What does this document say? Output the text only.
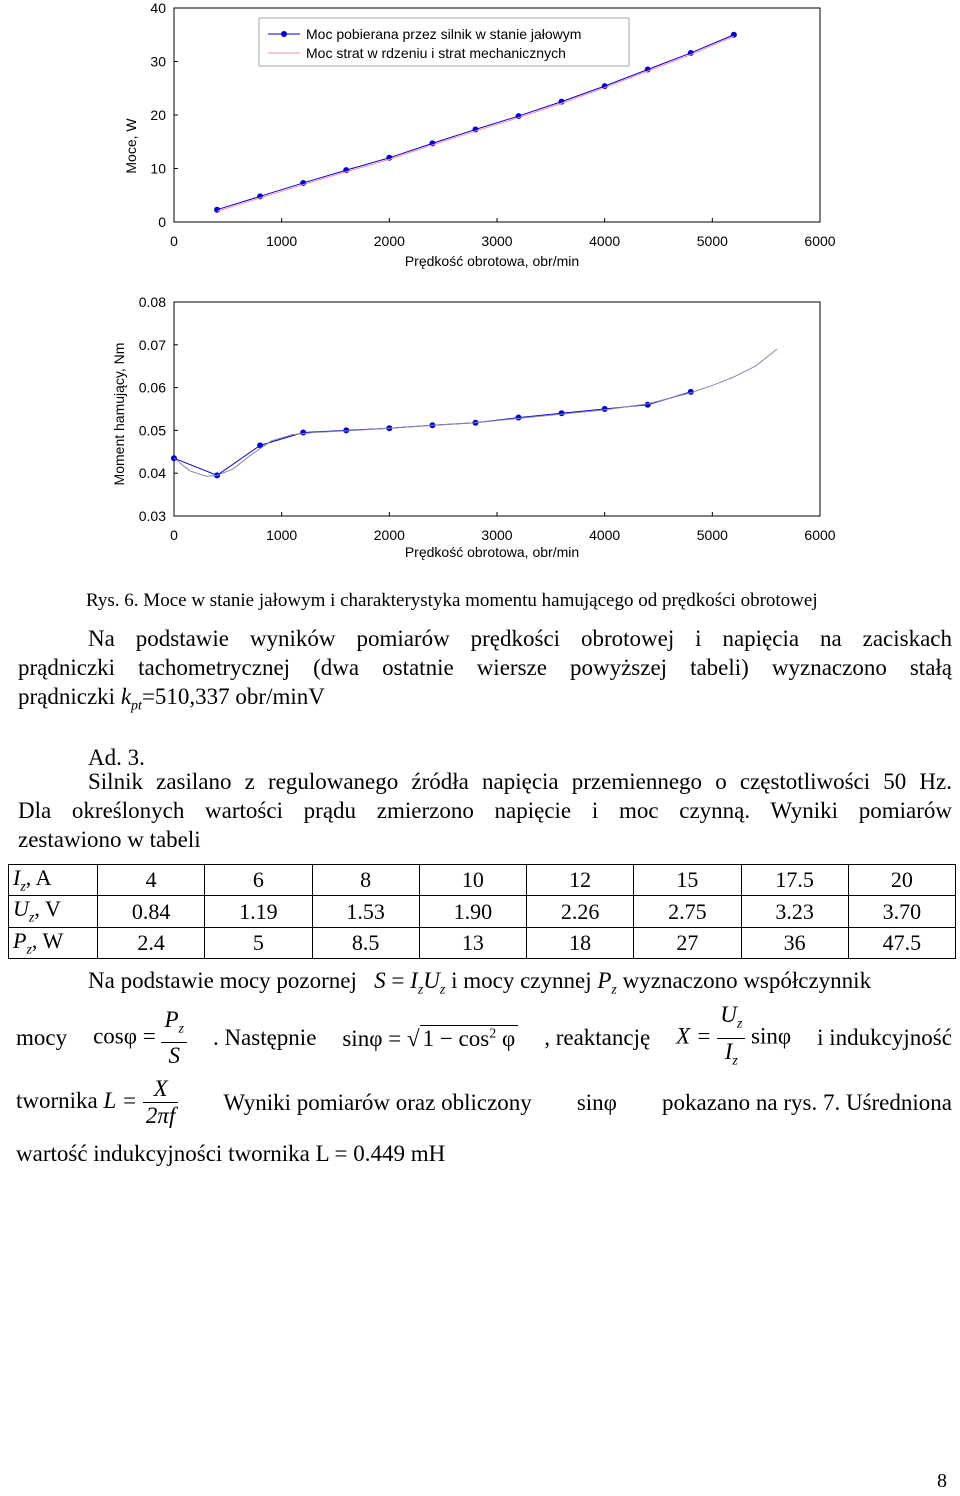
Moce, W
Prędkość obrotowa, obr/min
Moc pobierana przez silnik w stanie jałowym
Moc strat w rdzeniu i strat mechanicznych
0	1000	2000	3000	4000	5000	6000
0
10
20
30
40
Moment hamujący, Nm
Prędkość obrotowa, obr/min
0	1000	2000	3000	4000	5000	6000
0.03
0.04
0.05
0.06
0.07
0.08
Rys. 6. Moce w stanie jałowym i charakterystyka momentu hamującego od prędkości obrotowej
Na podstawie wyników pomiarów prędkości obrotowej i napięcia na zaciskach
prądniczki tachometrycznej (dwa ostatnie wiersze powyższej tabeli) wyznaczono stałą
prądniczki $k_{pt}=510,337$ obr/minV
Ad. 3.
Silnik zasilano z regulowanego źródła napięcia przemiennego o częstotliwości 50 Hz.
Dla określonych wartości prądu zmierzono napięcie i moc czynną. Wyniki pomiarów
zestawiono w tabeli
$I_z$, A	4	6	8	10	12	15	17.5	20
$U_z$, V	0.84	1.19	1.53	1.90	2.26	2.75	3.23	3.70
$P_z$, W	2.4	5	8.5	13	18	27	36	47.5
Na podstawie mocy pozornej $S = I_zU_z$ i mocy czynnej $P_z$ wyznaczono współczynnik
mocy $\cos\varphi = \frac{P_z}{S}$ . Następnie sinφ = √ $1 - \cos^2 \varphi$ , reaktancję $X = \frac{U_z}{I_z}$ sinφ i indukcyjność
twornika $L = \frac{X}{2\pi f}$ Wyniki pomiarów oraz obliczony sinφ pokazano na rys. 7. Uśredniona
wartość indukcyjności twornika L = 0.449 mH
8
